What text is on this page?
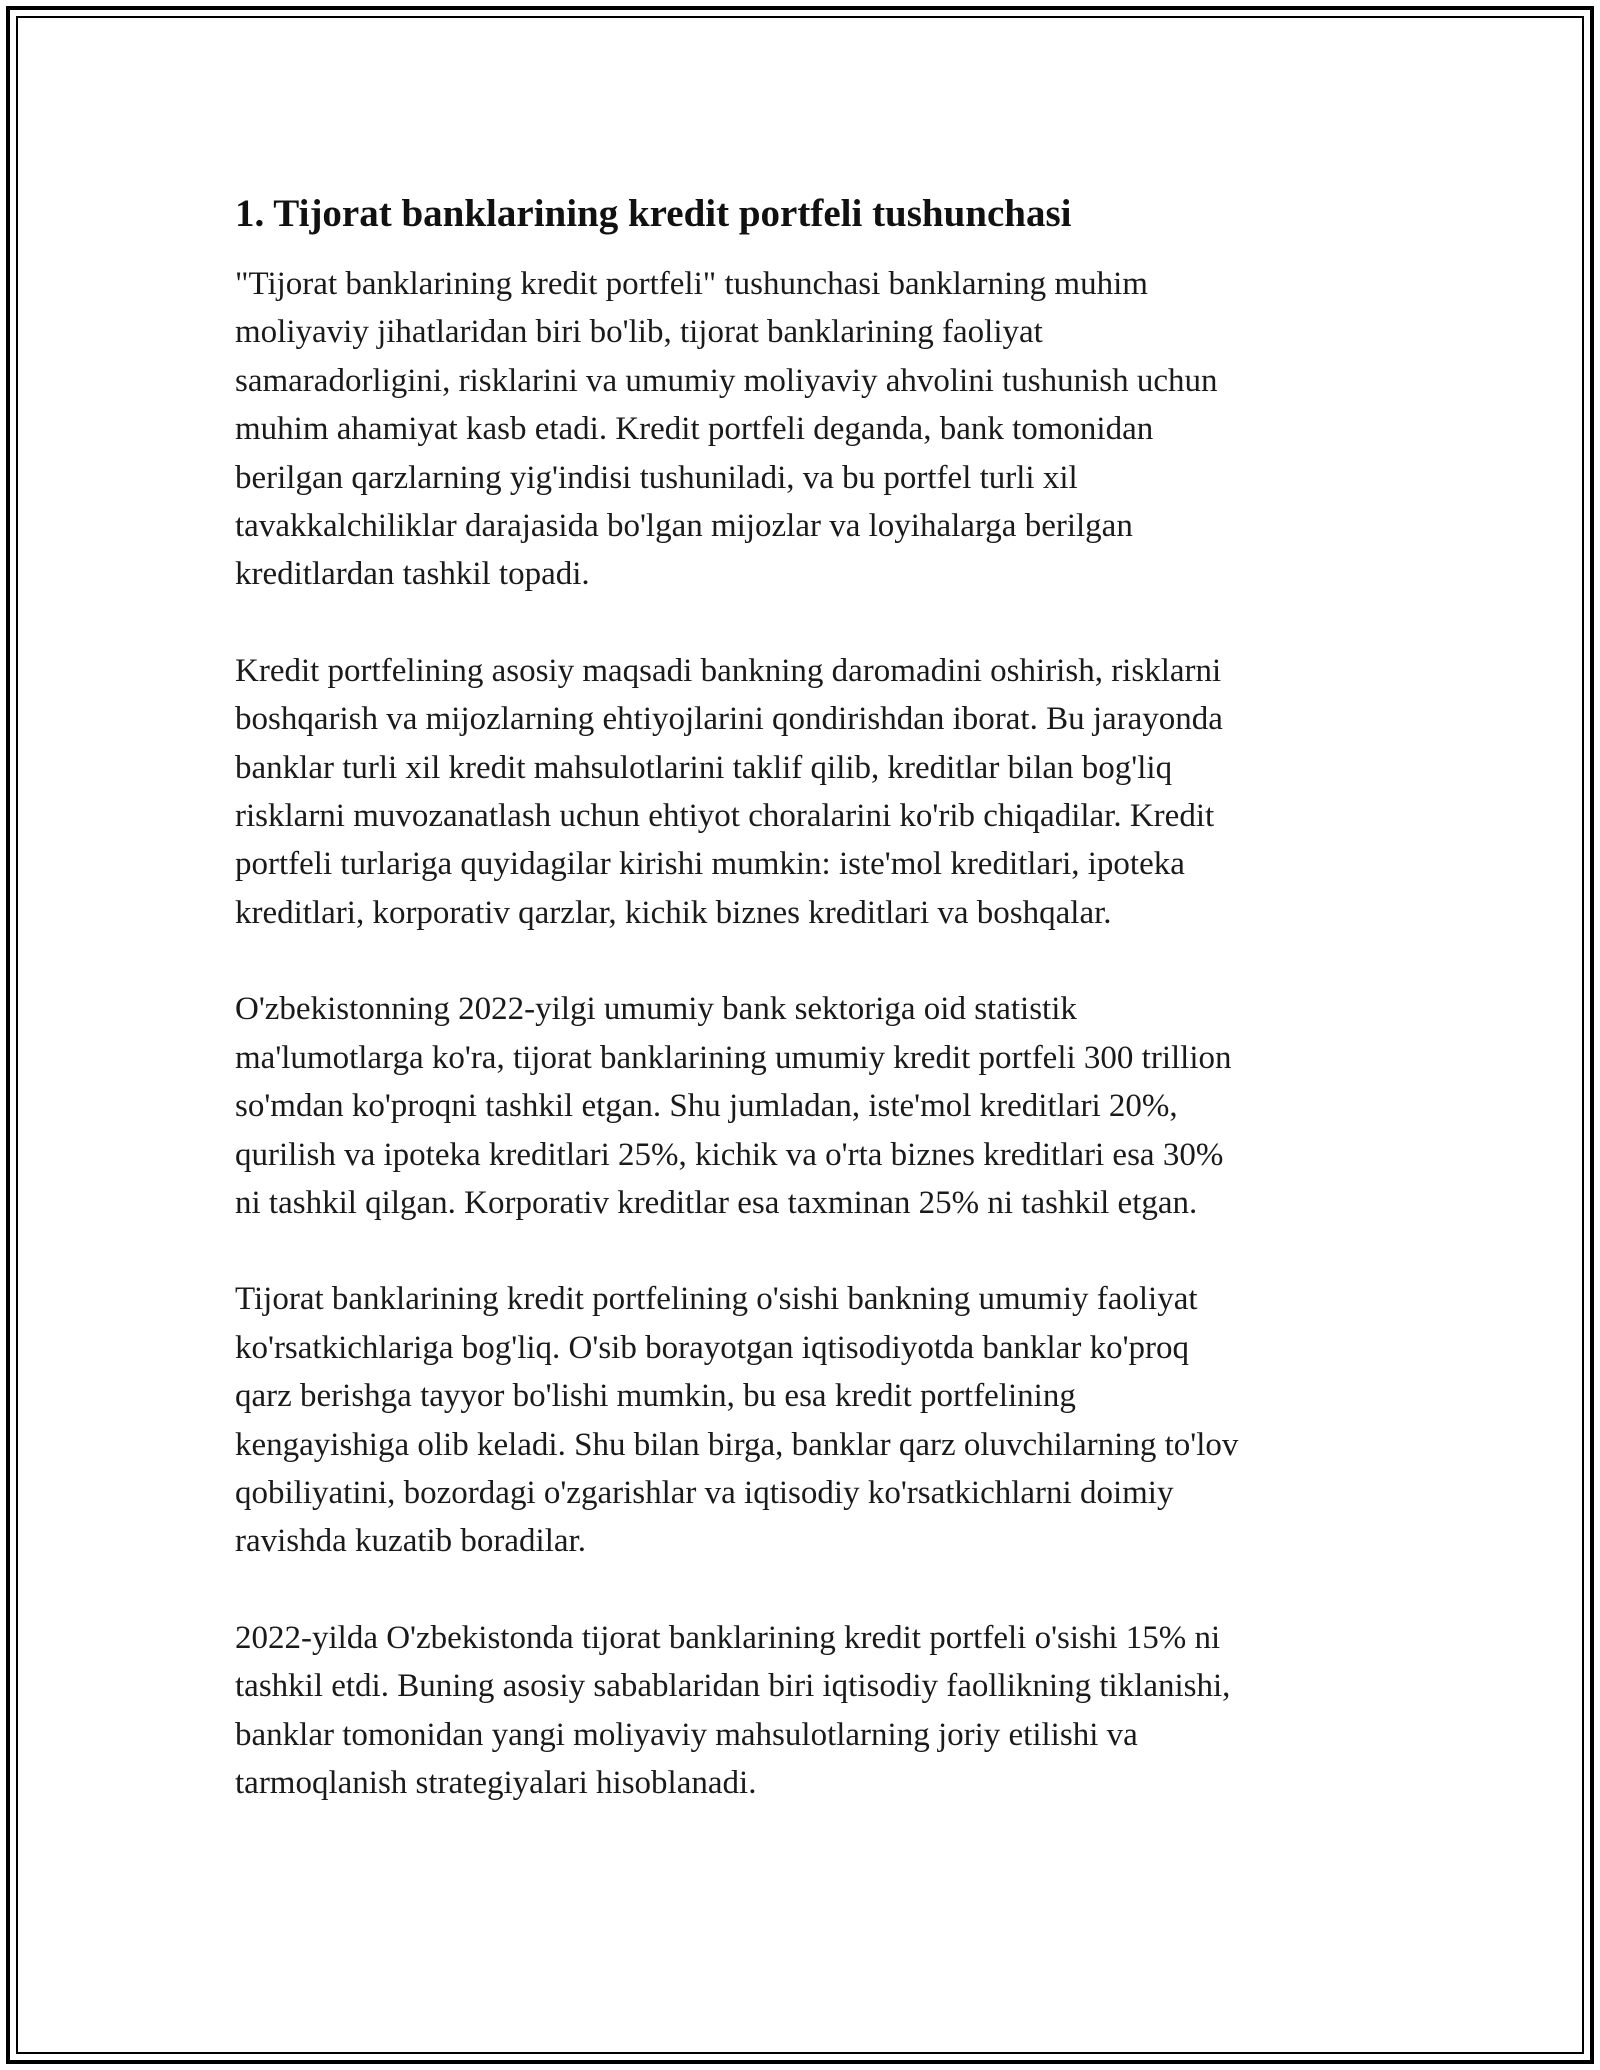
1. Tijorat banklarining kredit portfeli tushunchasi

"Tijorat banklarining kredit portfeli" tushunchasi banklarning muhim
moliyaviy jihatlaridan biri bo'lib, tijorat banklarining faoliyat
samaradorligini, risklarini va umumiy moliyaviy ahvolini tushunish uchun
muhim ahamiyat kasb etadi. Kredit portfeli deganda, bank tomonidan
berilgan qarzlarning yig'indisi tushuniladi, va bu portfel turli xil
tavakkalchiliklar darajasida bo'lgan mijozlar va loyihalarga berilgan
kreditlardan tashkil topadi.

Kredit portfelining asosiy maqsadi bankning daromadini oshirish, risklarni
boshqarish va mijozlarning ehtiyojlarini qondirishdan iborat. Bu jarayonda
banklar turli xil kredit mahsulotlarini taklif qilib, kreditlar bilan bog'liq
risklarni muvozanatlash uchun ehtiyot choralarini ko'rib chiqadilar. Kredit
portfeli turlariga quyidagilar kirishi mumkin: iste'mol kreditlari, ipoteka
kreditlari, korporativ qarzlar, kichik biznes kreditlari va boshqalar.

O'zbekistonning 2022-yilgi umumiy bank sektoriga oid statistik
ma'lumotlarga ko'ra, tijorat banklarining umumiy kredit portfeli 300 trillion
so'mdan ko'proqni tashkil etgan. Shu jumladan, iste'mol kreditlari 20%,
qurilish va ipoteka kreditlari 25%, kichik va o'rta biznes kreditlari esa 30%
ni tashkil qilgan. Korporativ kreditlar esa taxminan 25% ni tashkil etgan.

Tijorat banklarining kredit portfelining o'sishi bankning umumiy faoliyat
ko'rsatkichlariga bog'liq. O'sib borayotgan iqtisodiyotda banklar ko'proq
qarz berishga tayyor bo'lishi mumkin, bu esa kredit portfelining
kengayishiga olib keladi. Shu bilan birga, banklar qarz oluvchilarning to'lov
qobiliyatini, bozordagi o'zgarishlar va iqtisodiy ko'rsatkichlarni doimiy
ravishda kuzatib boradilar.

2022-yilda O'zbekistonda tijorat banklarining kredit portfeli o'sishi 15% ni
tashkil etdi. Buning asosiy sabablaridan biri iqtisodiy faollikning tiklanishi,
banklar tomonidan yangi moliyaviy mahsulotlarning joriy etilishi va
tarmoqlanish strategiyalari hisoblanadi.
